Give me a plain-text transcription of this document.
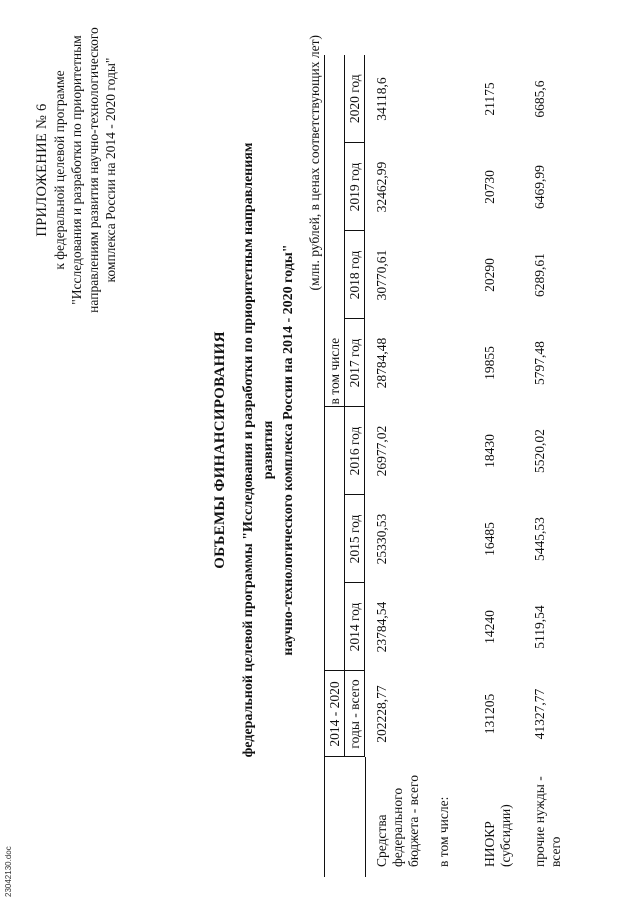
ПРИЛОЖЕНИЕ № 6 к федеральной целевой программе "Исследования и разработки по приоритетным направлениям развития научно-технологического комплекса России на 2014 - 2020 годы"
ОБЪЕМЫ ФИНАНСИРОВАНИЯ федеральной целевой программы "Исследования и разработки по приоритетным направлениям развития научно-технологического комплекса России на 2014 - 2020 годы"
(млн. рублей, в ценах соответствующих лет)
	2014 - 2020				в том числе			
	годы - всего	2014 год	2015 год	2016 год	2017 год	2018 год	2019 год	2020 год

Средства федерального бюджета - всего	202228,77	23784,54	25330,53	26977,02	28784,48	30770,61	32462,99	34118,6
в том числе:								
НИОКР (субсидии)	131205	14240	16485	18430	19855	20290	20730	21175
прочие нужды - всего	41327,77	5119,54	5445,53	5520,02	5797,48	6289,61	6469,99	6685,6
23042130.doc
